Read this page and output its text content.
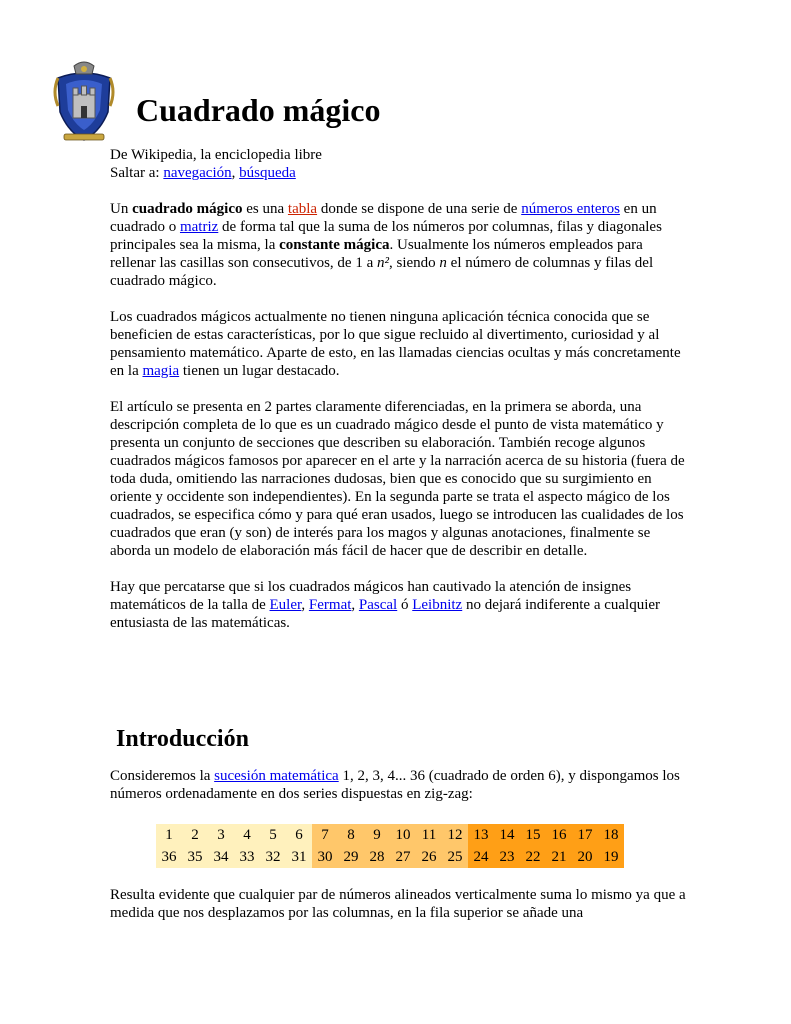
Cuadrado mágico

De Wikipedia, la enciclopedia libre

Saltar a: navegación, búsqueda

Un cuadrado mágico es una tabla donde se dispone de una serie de números enteros en un cuadrado o matriz de forma tal que la suma de los números por columnas, filas y diagonales principales sea la misma, la constante mágica. Usualmente los números empleados para rellenar las casillas son consecutivos, de 1 a n², siendo n el número de columnas y filas del cuadrado mágico.

Los cuadrados mágicos actualmente no tienen ninguna aplicación técnica conocida que se beneficien de estas características, por lo que sigue recluido al divertimento, curiosidad y al pensamiento matemático. Aparte de esto, en las llamadas ciencias ocultas y más concretamente en la magia tienen un lugar destacado.

El artículo se presenta en 2 partes claramente diferenciadas, en la primera se aborda, una descripción completa de lo que es un cuadrado mágico desde el punto de vista matemático y presenta un conjunto de secciones que describen su elaboración. También recoge algunos cuadrados mágicos famosos por aparecer en el arte y la narración acerca de su historia (fuera de toda duda, omitiendo las narraciones dudosas, bien que es conocido que su surgimiento en oriente y occidente son independientes). En la segunda parte se trata el aspecto mágico de los cuadrados, se especifica cómo y para qué eran usados, luego se introducen las cualidades de los cuadrados que eran (y son) de interés para los magos y algunas anotaciones, finalmente se aborda un modelo de elaboración más fácil de hacer que de describir en detalle.

Hay que percatarse que si los cuadrados mágicos han cautivado la atención de insignes matemáticos de la talla de Euler, Fermat, Pascal ó Leibnitz no dejará indiferente a cualquier entusiasta de las matemáticas.

Introducción

Consideremos la sucesión matemática 1, 2, 3, 4... 36 (cuadrado de orden 6), y dispongamos los números ordenadamente en dos series dispuestas en zig-zag:

1	2	3	4	5	6	7	8	9	10	11	12	13	14	15	16	17	18
36	35	34	33	32	31	30	29	28	27	26	25	24	23	22	21	20	19

Resulta evidente que cualquier par de números alineados verticalmente suma lo mismo ya que a medida que nos desplazamos por las columnas, en la fila superior se añade una
